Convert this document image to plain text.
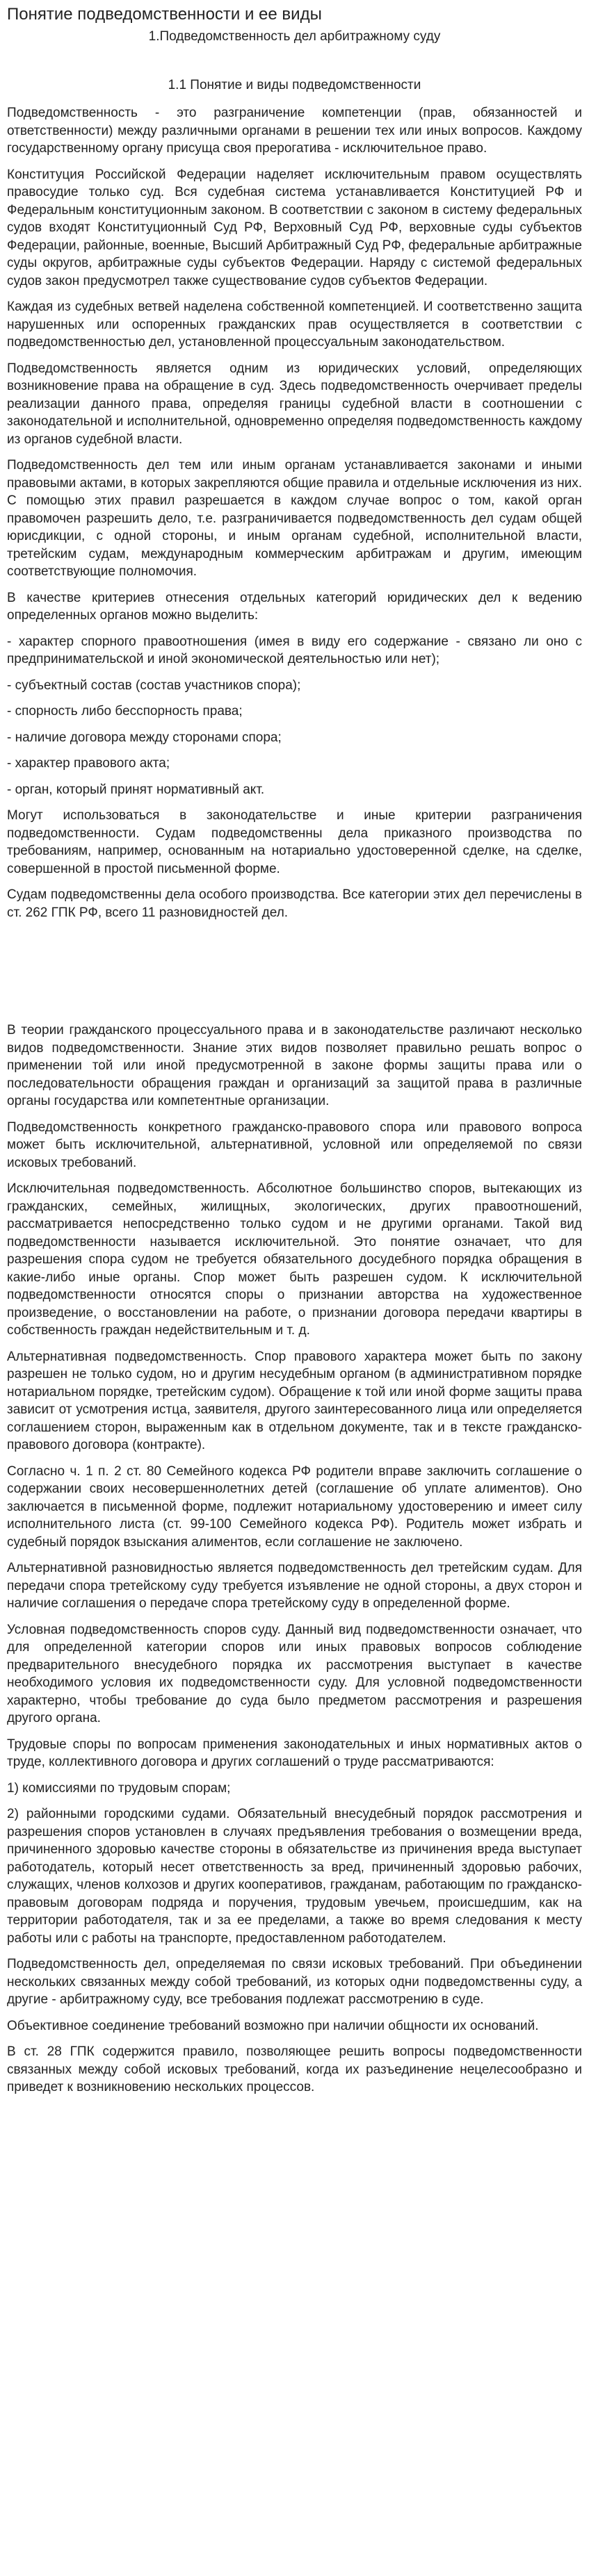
Понятие подведомственности и ее виды
1.Подведомственность дел арбитражному суду
1.1 Понятие и виды подведомственности

Подведомственность - это разграничение компетенции (прав, обязанностей и ответственности) между различными органами в решении тех или иных вопросов. Каждому государственному органу присуща своя прерогатива - исключительное право.

Конституция Российской Федерации наделяет исключительным правом осуществлять правосудие только суд. Вся судебная система устанавливается Конституцией РФ и Федеральным конституционным законом. В соответствии с законом в систему федеральных судов входят Конституционный Суд РФ, Верховный Суд РФ, верховные суды субъектов Федерации, районные, военные, Высший Арбитражный Суд РФ, федеральные арбитражные суды округов, арбитражные суды субъектов Федерации. Наряду с системой федеральных судов закон предусмотрел также существование судов субъектов Федерации.

Каждая из судебных ветвей наделена собственной компетенцией. И соответственно защита нарушенных или оспоренных гражданских прав осуществляется в соответствии с подведомственностью дел, установленной процессуальным законодательством.

Подведомственность является одним из юридических условий, определяющих возникновение права на обращение в суд. Здесь подведомственность очерчивает пределы реализации данного права, определяя границы судебной власти в соотношении с законодательной и исполнительной, одновременно определяя подведомственность каждому из органов судебной власти.

Подведомственность дел тем или иным органам устанавливается законами и иными правовыми актами, в которых закрепляются общие правила и отдельные исключения из них. С помощью этих правил разрешается в каждом случае вопрос о том, какой орган правомочен разрешить дело, т.е. разграничивается подведомственность дел судам общей юрисдикции, с одной стороны, и иным органам судебной, исполнительной власти, третейским судам, международным коммерческим арбитражам и другим, имеющим соответствующие полномочия.

В качестве критериев отнесения отдельных категорий юридических дел к ведению определенных органов можно выделить:

- характер спорного правоотношения (имея в виду его содержание - связано ли оно с предпринимательской и иной экономической деятельностью или нет);

- субъектный состав (состав участников спора);

- спорность либо бесспорность права;

- наличие договора между сторонами спора;

- характер правового акта;

- орган, который принят нормативный акт.

Могут использоваться в законодательстве и иные критерии разграничения подведомственности. Судам подведомственны дела приказного производства по требованиям, например, основанным на нотариально удостоверенной сделке, на сделке, совершенной в простой письменной форме.

Судам подведомственны дела особого производства. Все категории этих дел перечислены в ст. 262 ГПК РФ, всего 11 разновидностей дел.

В теории гражданского процессуального права и в законодательстве различают несколько видов подведомственности. Знание этих видов позволяет правильно решать вопрос о применении той или иной предусмотренной в законе формы защиты права или о последовательности обращения граждан и организаций за защитой права в различные органы государства или компетентные организации.

Подведомственность конкретного гражданско-правового спора или правового вопроса может быть исключительной, альтернативной, условной или определяемой по связи исковых требований.

Исключительная подведомственность. Абсолютное большинство споров, вытекающих из гражданских, семейных, жилищных, экологических, других правоотношений, рассматривается непосредственно только судом и не другими органами. Такой вид подведомственности называется исключительной. Это понятие означает, что для разрешения спора судом не требуется обязательного досудебного порядка обращения в какие-либо иные органы. Спор может быть разрешен судом. К исключительной подведомственности относятся споры о признании авторства на художественное произведение, о восстановлении на работе, о признании договора передачи квартиры в собственность граждан недействительным и т. д.

Альтернативная подведомственность. Спор правового характера может быть по закону разрешен не только судом, но и другим несудебным органом (в административном порядке нотариальном порядке, третейским судом). Обращение к той или иной форме защиты права зависит от усмотрения истца, заявителя, другого заинтересованного лица или определяется соглашением сторон, выраженным как в отдельном документе, так и в тексте гражданско-правового договора (контракте).

Согласно ч. 1 п. 2 ст. 80 Семейного кодекса РФ родители вправе заключить соглашение о содержании своих несовершеннолетних детей (соглашение об уплате алиментов). Оно заключается в письменной форме, подлежит нотариальному удостоверению и имеет силу исполнительного листа (ст. 99-100 Семейного кодекса РФ). Родитель может избрать и судебный порядок взыскания алиментов, если соглашение не заключено.

Альтернативной разновидностью является подведомственность дел третейским судам. Для передачи спора третейскому суду требуется изъявление не одной стороны, а двух сторон и наличие соглашения о передаче спора третейскому суду в определенной форме.

Условная подведомственность споров суду. Данный вид подведомственности означает, что для определенной категории споров или иных правовых вопросов соблюдение предварительного внесудебного порядка их рассмотрения выступает в качестве необходимого условия их подведомственности суду. Для условной подведомственности характерно, чтобы требование до суда было предметом рассмотрения и разрешения другого органа.

Трудовые споры по вопросам применения законодательных и иных нормативных актов о труде, коллективного договора и других соглашений о труде рассматриваются:

1) комиссиями по трудовым спорам;

2) районными городскими судами. Обязательный внесудебный порядок рассмотрения и разрешения споров установлен в случаях предъявления требования о возмещении вреда, причиненного здоровью качестве стороны в обязательстве из причинения вреда выступает работодатель, который несет ответственность за вред, причиненный здоровью рабочих, служащих, членов колхозов и других кооперативов, гражданам, работающим по гражданско-правовым договорам подряда и поручения, трудовым увечьем, происшедшим, как на территории работодателя, так и за ее пределами, а также во время следования к месту работы или с работы на транспорте, предоставленном работодателем.

Подведомственность дел, определяемая по связи исковых требований. При объединении нескольких связанных между собой требований, из которых одни подведомственны суду, а другие - арбитражному суду, все требования подлежат рассмотрению в суде.

Объективное соединение требований возможно при наличии общности их оснований.

В ст. 28 ГПК содержится правило, позволяющее решить вопросы подведомственности связанных между собой исковых требований, когда их разъединение нецелесообразно и приведет к возникновению нескольких процессов.
